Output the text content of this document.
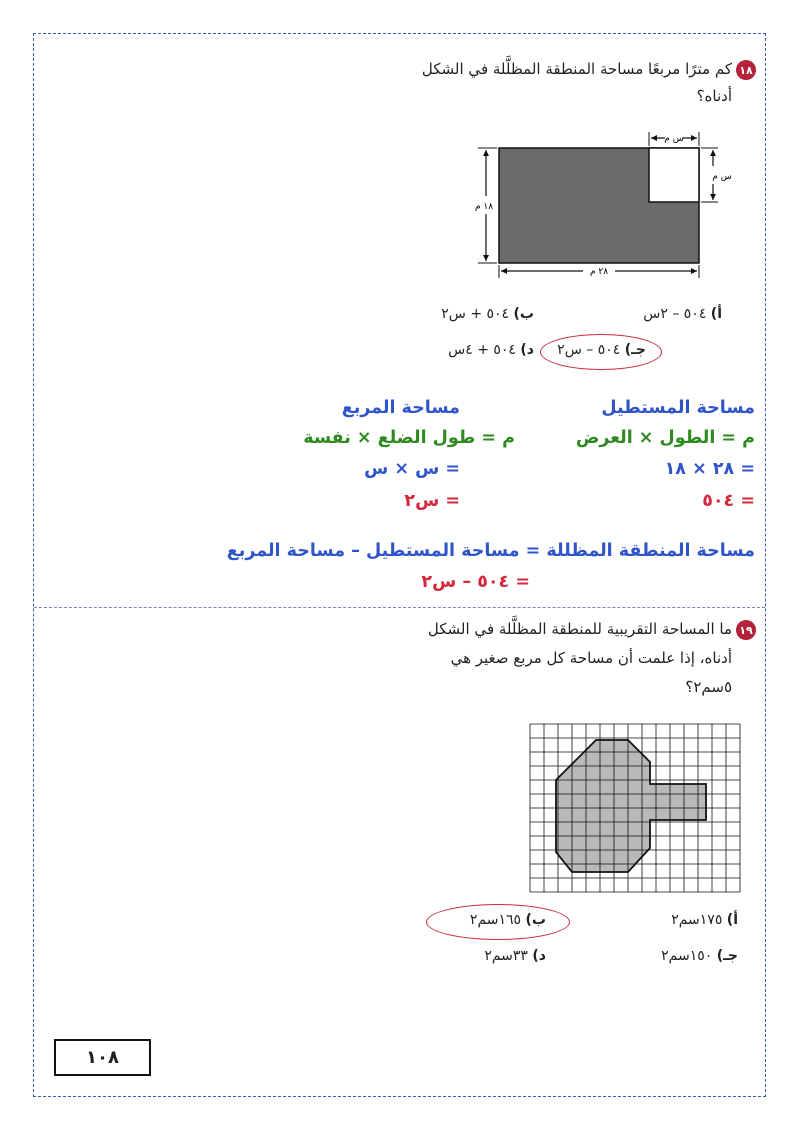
١٨
كم مترًا مربعًا مساحة المنطقة المظلَّلة في الشكل
أدناه؟
س م
س م
١٨ م
٢٨ م
أ) ٥٠٤ – ٢س
ب) ٥٠٤ + س٢
جـ) ٥٠٤ – س٢
د) ٥٠٤ + ٤س
مساحة المستطيل
مساحة المربع
م = الطول × العرض
م = طول الضلع × نفسة
= ٢٨ × ١٨
= س × س
= ٥٠٤
= س٢
مساحة المنطقة المظللة = مساحة المستطيل – مساحة المربع
= ٥٠٤ – س٢
١٩
ما المساحة التقريبية للمنطقة المظلَّلة في الشكل
أدناه، إذا علمت أن مساحة كل مربع صغير هي
٥سم٢؟
ب) ١٦٥سم٢	أ) ١٧٥سم٢
د) ٣٣سم٢	جـ) ١٥٠سم٢
١٠٨
